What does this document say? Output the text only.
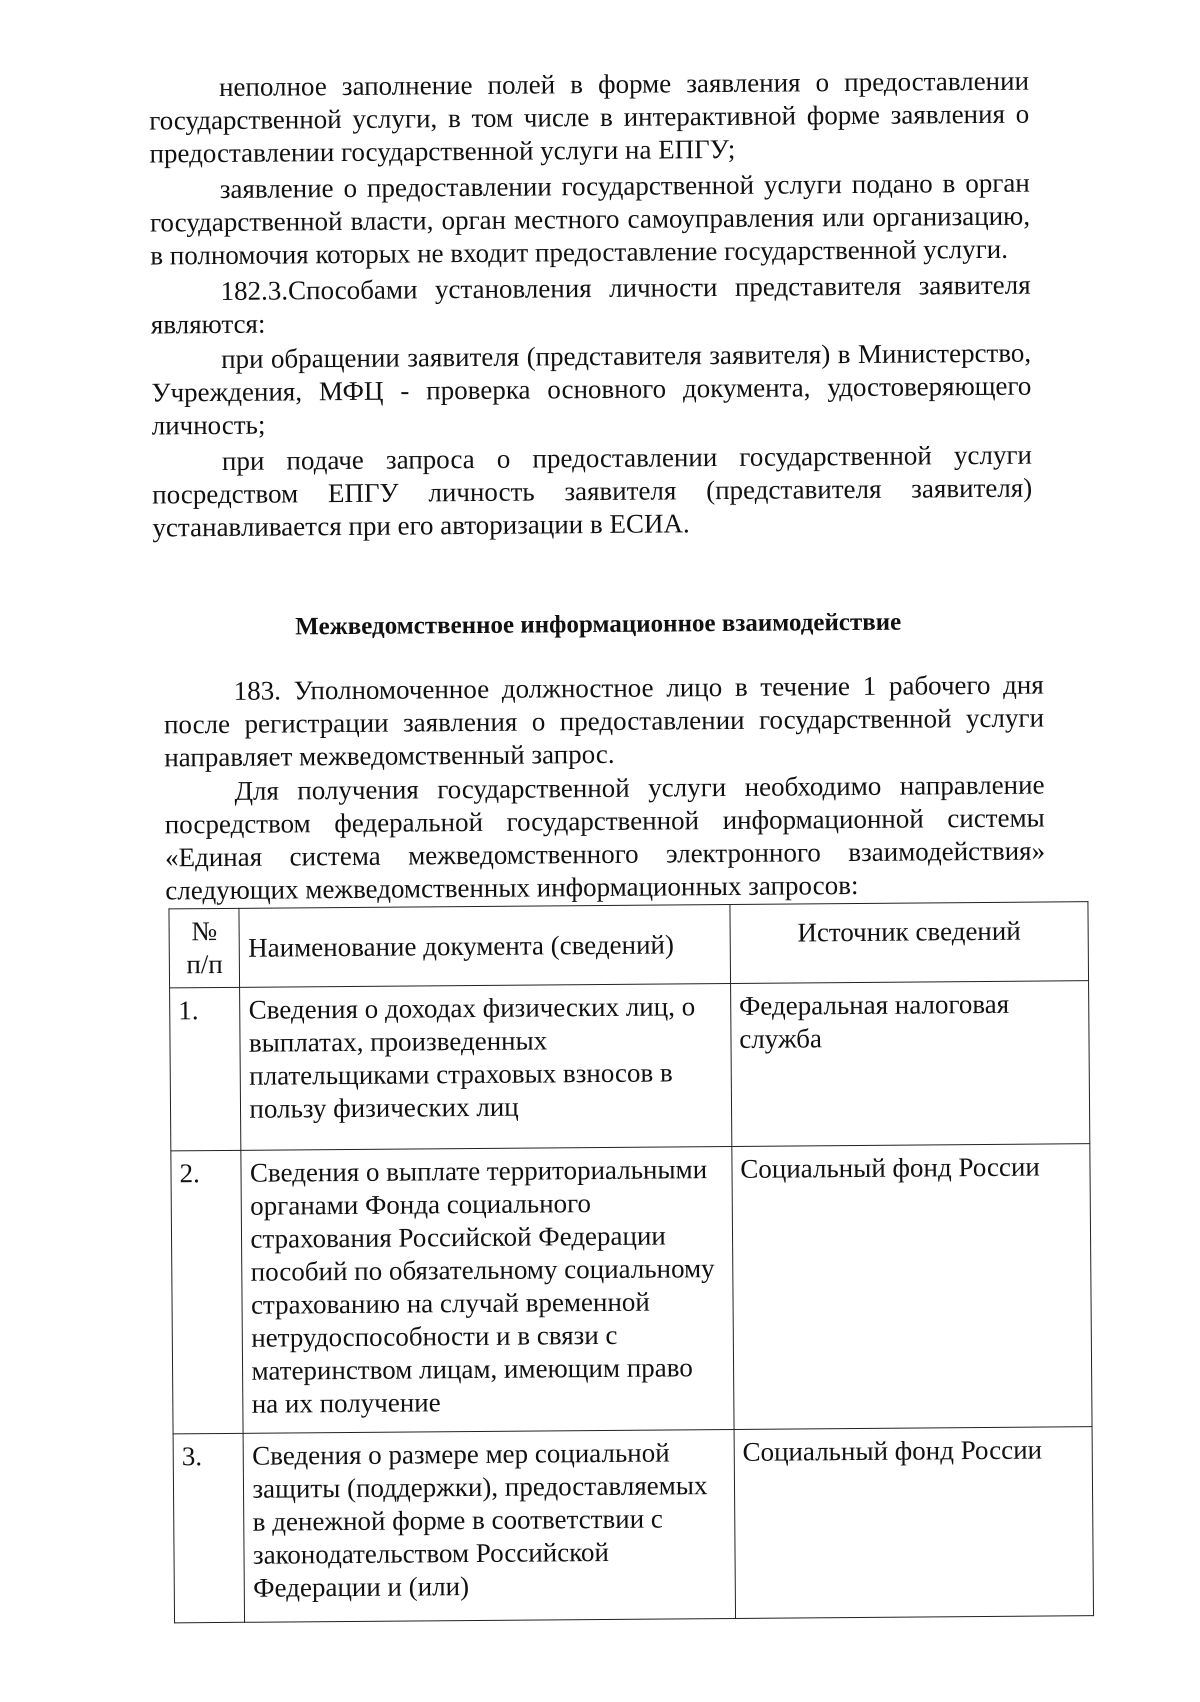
неполное заполнение полей в форме заявления о предоставлении государственной услуги, в том числе в интерактивной форме заявления о предоставлении государственной услуги на ЕПГУ;

заявление о предоставлении государственной услуги подано в орган государственной власти, орган местного самоуправления или организацию, в полномочия которых не входит предоставление государственной услуги.

182.3.Способами установления личности представителя заявителя являются:

при обращении заявителя (представителя заявителя) в Министерство, Учреждения, МФЦ - проверка основного документа, удостоверяющего личность;

при подаче запроса о предоставлении государственной услуги посредством ЕПГУ личность заявителя (представителя заявителя) устанавливается при его авторизации в ЕСИА.

Межведомственное информационное взаимодействие

183. Уполномоченное должностное лицо в течение 1 рабочего дня после регистрации заявления о предоставлении государственной услуги направляет межведомственный запрос.

Для получения государственной услуги необходимо направление посредством федеральной государственной информационной системы «Единая система межведомственного электронного взаимодействия» следующих межведомственных информационных запросов:

№
п/п	Наименование документа (сведений)	Источник сведений
1.	Сведения о доходах физических лиц, о выплатах, произведенных плательщиками страховых взносов в пользу физических лиц	Федеральная налоговая служба
2.	Сведения о выплате территориальными органами Фонда социального страхования Российской Федерации пособий по обязательному социальному страхованию на случай временной нетрудоспособности и в связи с материнством лицам, имеющим право на их получение	Социальный фонд России
3.	Сведения о размере мер социальной защиты (поддержки), предоставляемых в денежной форме в соответствии с законодательством Российской Федерации и (или)	Социальный фонд России
